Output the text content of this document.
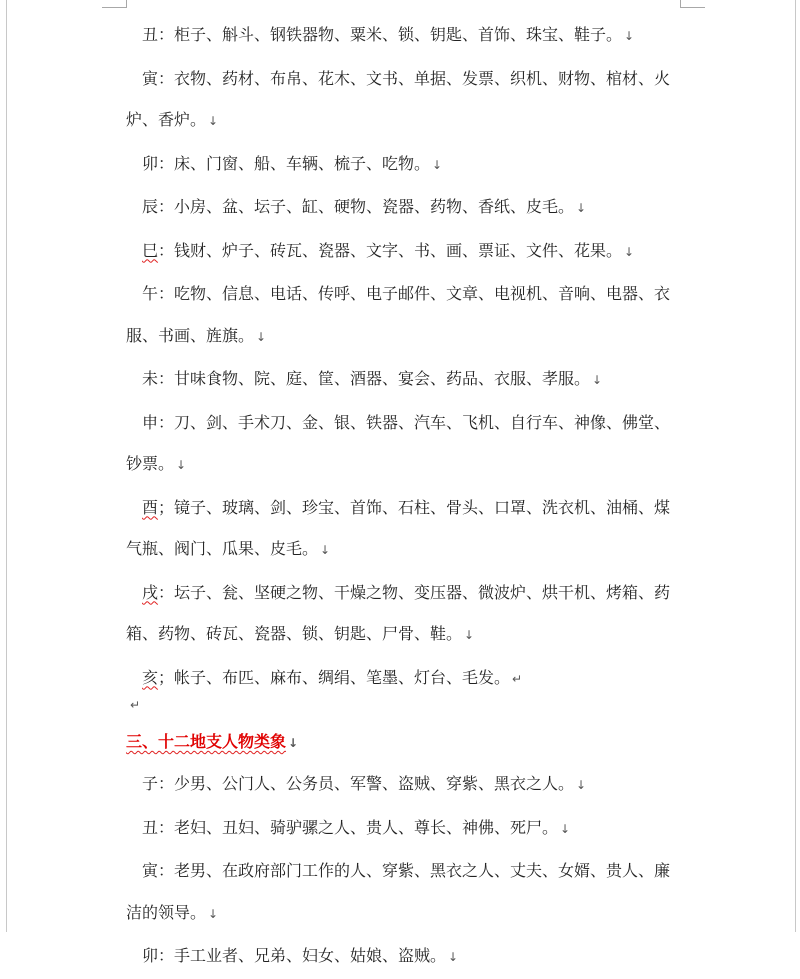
丑：柜子、斛斗、钢铁器物、粟米、锁、钥匙、首饰、珠宝、鞋子。 ↓

寅：衣物、药材、布帛、花木、文书、单据、发票、织机、财物、棺材、火炉、香炉。 ↓

卯：床、门窗、船、车辆、梳子、吃物。 ↓

辰：小房、盆、坛子、缸、硬物、瓷器、药物、香纸、皮毛。 ↓

巳：钱财、炉子、砖瓦、瓷器、文字、书、画、票证、文件、花果。 ↓

午：吃物、信息、电话、传呼、电子邮件、文章、电视机、音响、电器、衣服、书画、旌旗。 ↓

未：甘味食物、院、庭、筐、酒器、宴会、药品、衣服、孝服。 ↓

申：刀、剑、手术刀、金、银、铁器、汽车、飞机、自行车、神像、佛堂、钞票。 ↓

酉；镜子、玻璃、剑、珍宝、首饰、石柱、骨头、口罩、洗衣机、油桶、煤气瓶、阀门、瓜果、皮毛。 ↓

戌：坛子、瓮、坚硬之物、干燥之物、变压器、微波炉、烘干机、烤箱、药箱、药物、砖瓦、瓷器、锁、钥匙、尸骨、鞋。 ↓

亥；帐子、布匹、麻布、绸绢、笔墨、灯台、毛发。 ↵

↵

三、十二地支人物类象 ↓

子：少男、公门人、公务员、军警、盗贼、穿紫、黑衣之人。 ↓

丑：老妇、丑妇、骑驴骡之人、贵人、尊长、神佛、死尸。 ↓

寅：老男、在政府部门工作的人、穿紫、黑衣之人、丈夫、女婿、贵人、廉洁的领导。 ↓

卯：手工业者、兄弟、妇女、姑娘、盗贼。 ↓
